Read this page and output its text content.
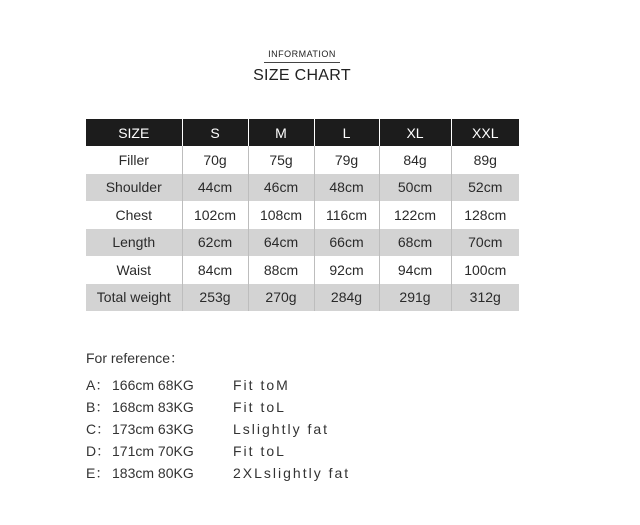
INFORMATION
SIZE CHART
SIZE	S	M	L	XL	XXL
Filler	70g	75g	79g	84g	89g
Shoulder	44cm	46cm	48cm	50cm	52cm
Chest	102cm	108cm	116cm	122cm	128cm
Length	62cm	64cm	66cm	68cm	70cm
Waist	84cm	88cm	92cm	94cm	100cm
Total weight	253g	270g	284g	291g	312g
For reference：
A： 166cm 68KG	Fit toM
B： 168cm 83KG	Fit toL
C： 173cm 63KG	Lslightly fat
D： 171cm 70KG	Fit toL
E： 183cm 80KG	2XLslightly fat
